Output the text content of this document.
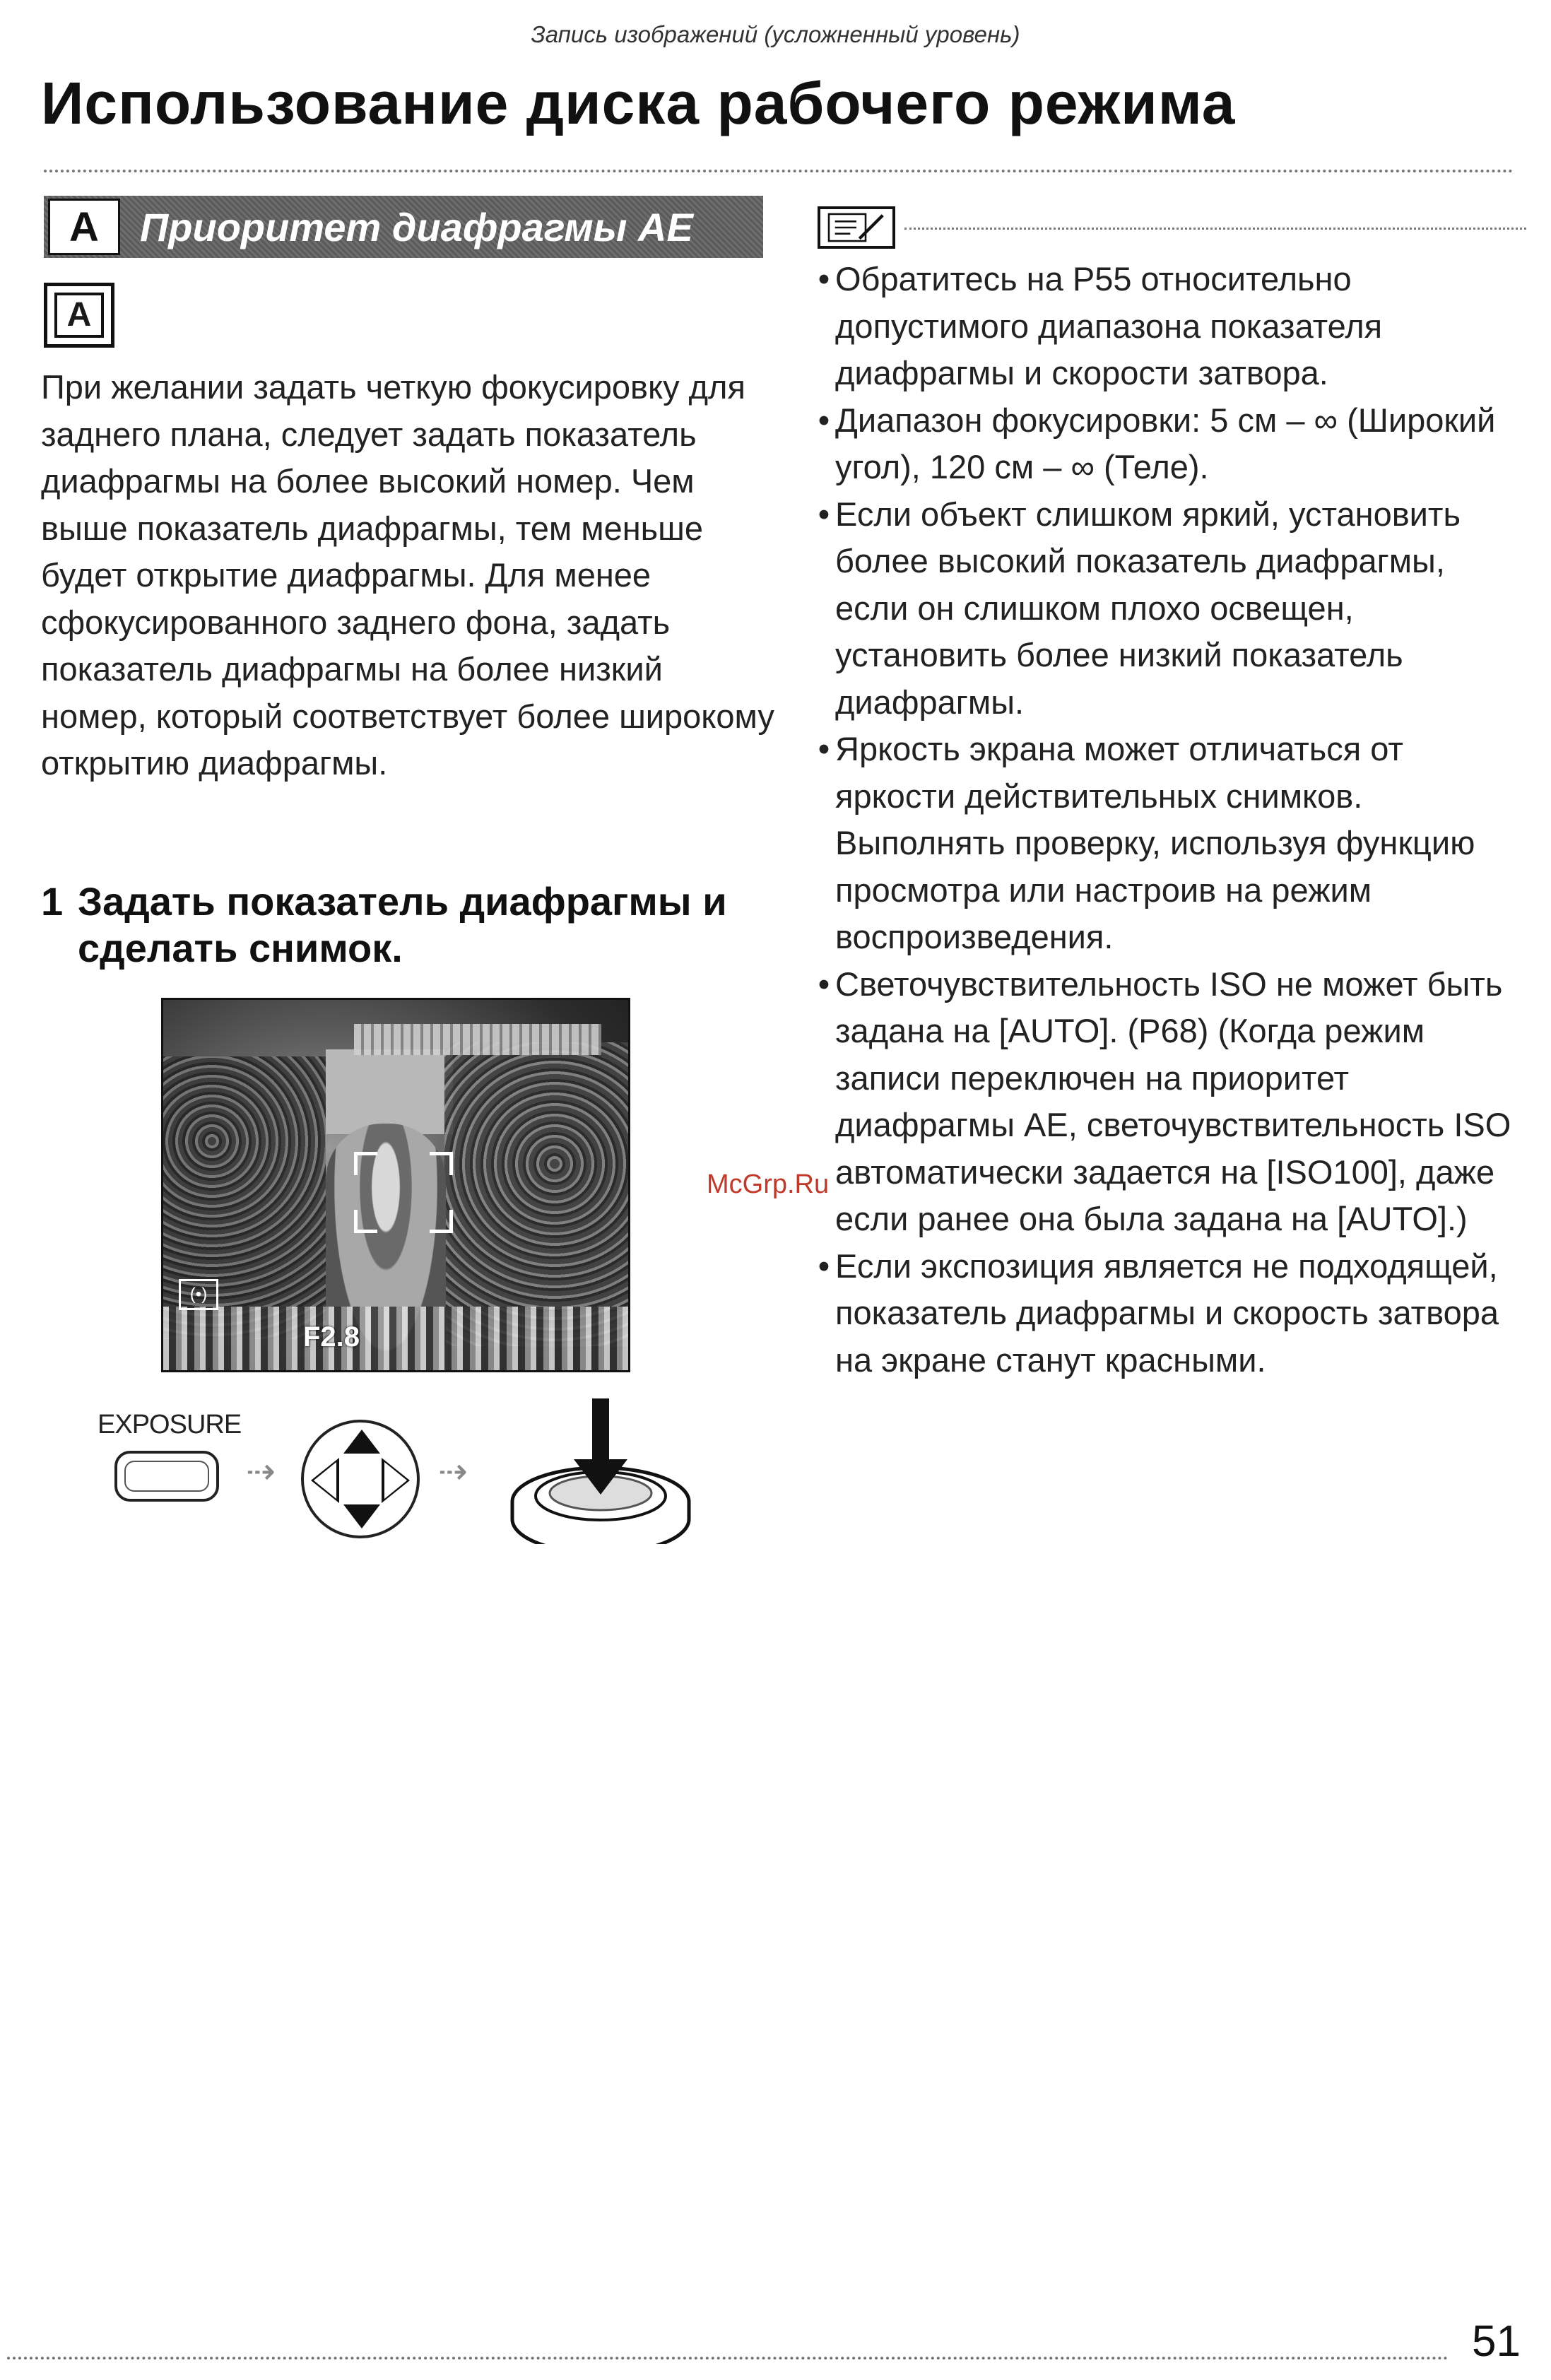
Запись изображений (усложненный уровень)
Использование диска рабочего режима
A	Приоритет диафрагмы AE
A
При желании задать четкую фокусировку для заднего плана, следует задать показатель диафрагмы на более высокий номер. Чем выше показатель диафрагмы, тем меньше будет открытие диафрагмы. Для менее сфокусированного заднего фона, задать показатель диафрагмы на более низкий номер, который соответствует более широкому открытию диафрагмы.
1 Задать показатель диафрагмы и сделать снимок.
(•)
F2.8
EXPOSURE
⇢	⇢
• Обратитесь на P55 относительно допустимого диапазона показателя диафрагмы и скорости затвора.
• Диапазон фокусировки: 5 см – ∞ (Широкий угол), 120 см – ∞ (Теле).
• Если объект слишком яркий, установить более высокий показатель диафрагмы, если он слишком плохо освещен, установить более низкий показатель диафрагмы.
• Яркость экрана может отличаться от яркости действительных снимков. Выполнять проверку, используя функцию просмотра или настроив на режим воспроизведения.
• Светочувствительность ISO не может быть задана на [AUTO]. (P68) (Когда режим записи переключен на приоритет диафрагмы AE, светочувствительность ISO автоматически задается на [ISO100], даже если ранее она была задана на [AUTO].)
• Если экспозиция является не подходящей, показатель диафрагмы и скорость затвора на экране станут красными.
McGrp.Ru
51
